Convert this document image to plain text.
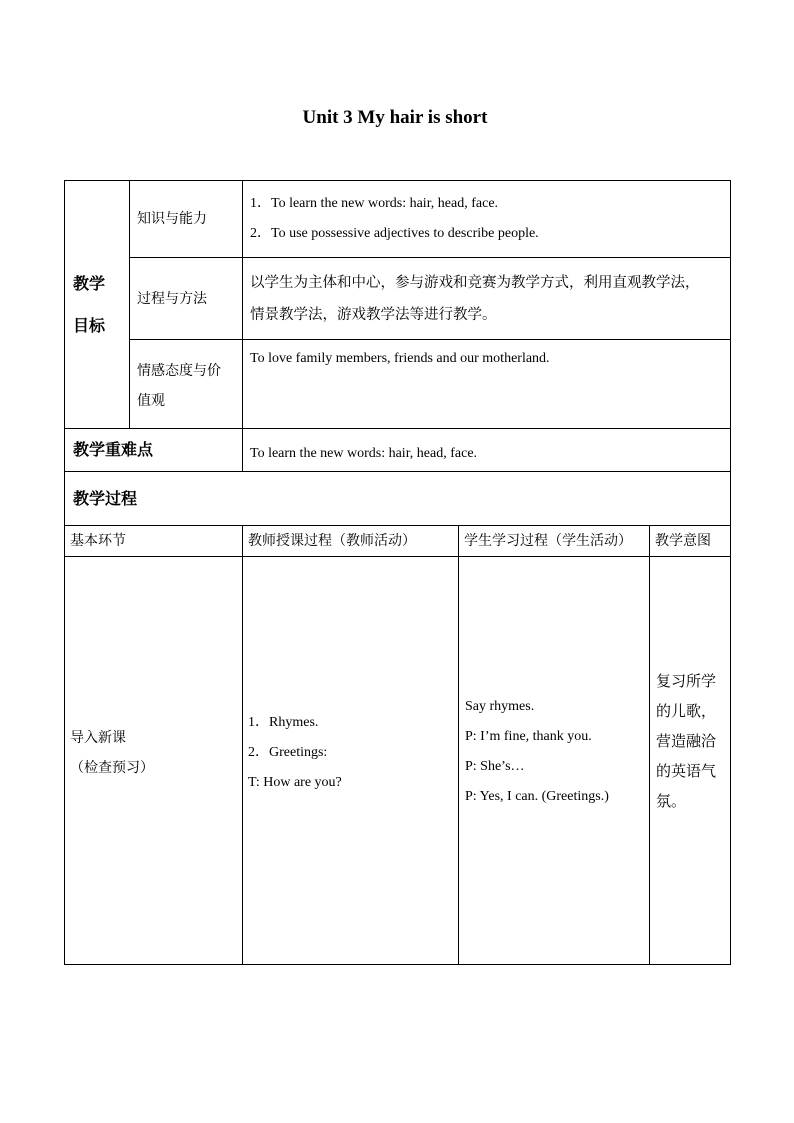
Unit 3 My hair is short
教学
目标	知识与能力	1．To learn the new words: hair, head, face.
2．To use possessive adjectives to describe people.		

	过程与方法	以学生为主体和中心，参与游戏和竞赛为教学方式，利用直观教学法，
情景教学法，游戏教学法等进行教学。		

	情感态度与价
值观	To love family members, friends and our motherland.		

教学重难点		To learn the new words: hair, head, face.		
教学过程				
基本环节		教师授课过程（教师活动）	学生学习过程（学生活动）	教学意图

导入新课
（检查预习）		1．Rhymes.
2．Greetings:
T: How are you?	Say rhymes.
P: I’m fine, thank you.
P: She’s…
P: Yes, I can. (Greetings.)	复习所学
的儿歌，
营造融洽
的英语气
氛。
